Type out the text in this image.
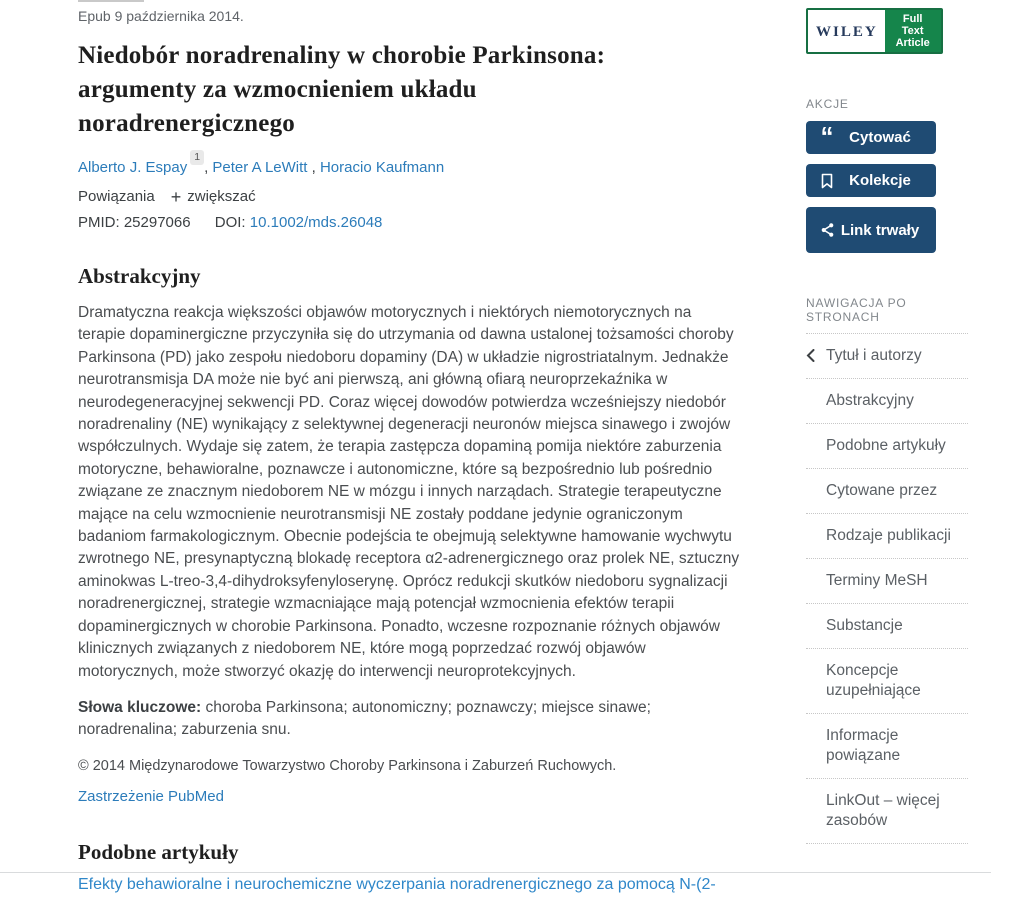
Epub 9 października 2014.
Niedobór noradrenaliny w chorobie Parkinsona: argumenty za wzmocnieniem układu noradrenergicznego
Alberto J. Espay$^1$, Peter A LeWitt , Horacio Kaufmann
Powiązania + zwiększać
PMID: 25297066 DOI: 10.1002/mds.26048
Abstrakcyjny

Dramatyczna reakcja większości objawów motorycznych i niektórych niemotorycznych na terapie dopaminergiczne przyczyniła się do utrzymania od dawna ustalonej tożsamości choroby Parkinsona (PD) jako zespołu niedoboru dopaminy (DA) w układzie nigrostriatalnym. Jednakże neurotransmisja DA może nie być ani pierwszą, ani główną ofiarą neuroprzekaźnika w neurodegeneracyjnej sekwencji PD. Coraz więcej dowodów potwierdza wcześniejszy niedobór noradrenaliny (NE) wynikający z selektywnej degeneracji neuronów miejsca sinawego i zwojów współczulnych. Wydaje się zatem, że terapia zastępcza dopaminą pomija niektóre zaburzenia motoryczne, behawioralne, poznawcze i autonomiczne, które są bezpośrednio lub pośrednio związane ze znacznym niedoborem NE w mózgu i innych narządach. Strategie terapeutyczne mające na celu wzmocnienie neurotransmisji NE zostały poddane jedynie ograniczonym badaniom farmakologicznym. Obecnie podejścia te obejmują selektywne hamowanie wychwytu zwrotnego NE, presynaptyczną blokadę receptora α2-adrenergicznego oraz prolek NE, sztuczny aminokwas L-treo-3,4-dihydroksyfenyloserynę. Oprócz redukcji skutków niedoboru sygnalizacji noradrenergicznej, strategie wzmacniające mają potencjał wzmocnienia efektów terapii dopaminergicznych w chorobie Parkinsona. Ponadto, wczesne rozpoznanie różnych objawów klinicznych związanych z niedoborem NE, które mogą poprzedzać rozwój objawów motorycznych, może stworzyć okazję do interwencji neuroprotekcyjnych.

Słowa kluczowe: choroba Parkinsona; autonomiczny; poznawczy; miejsce sinawe; noradrenalina; zaburzenia snu.

© 2014 Międzynarodowe Towarzystwo Choroby Parkinsona i Zaburzeń Ruchowych.

Zastrzeżenie PubMed
Podobne artykuły
Efekty behawioralne i neurochemiczne wyczerpania noradrenergicznego za pomocą N-(2-
WILEY
Full Text Article
AKCJE
“	Cytować
Kolekcje
Link trwały
NAWIGACJA PO STRONACH
Tytuł i autorzy
Abstrakcyjny
Podobne artykuły
Cytowane przez
Rodzaje publikacji
Terminy MeSH
Substancje
Koncepcje uzupełniające
Informacje powiązane
LinkOut – więcej zasobów
